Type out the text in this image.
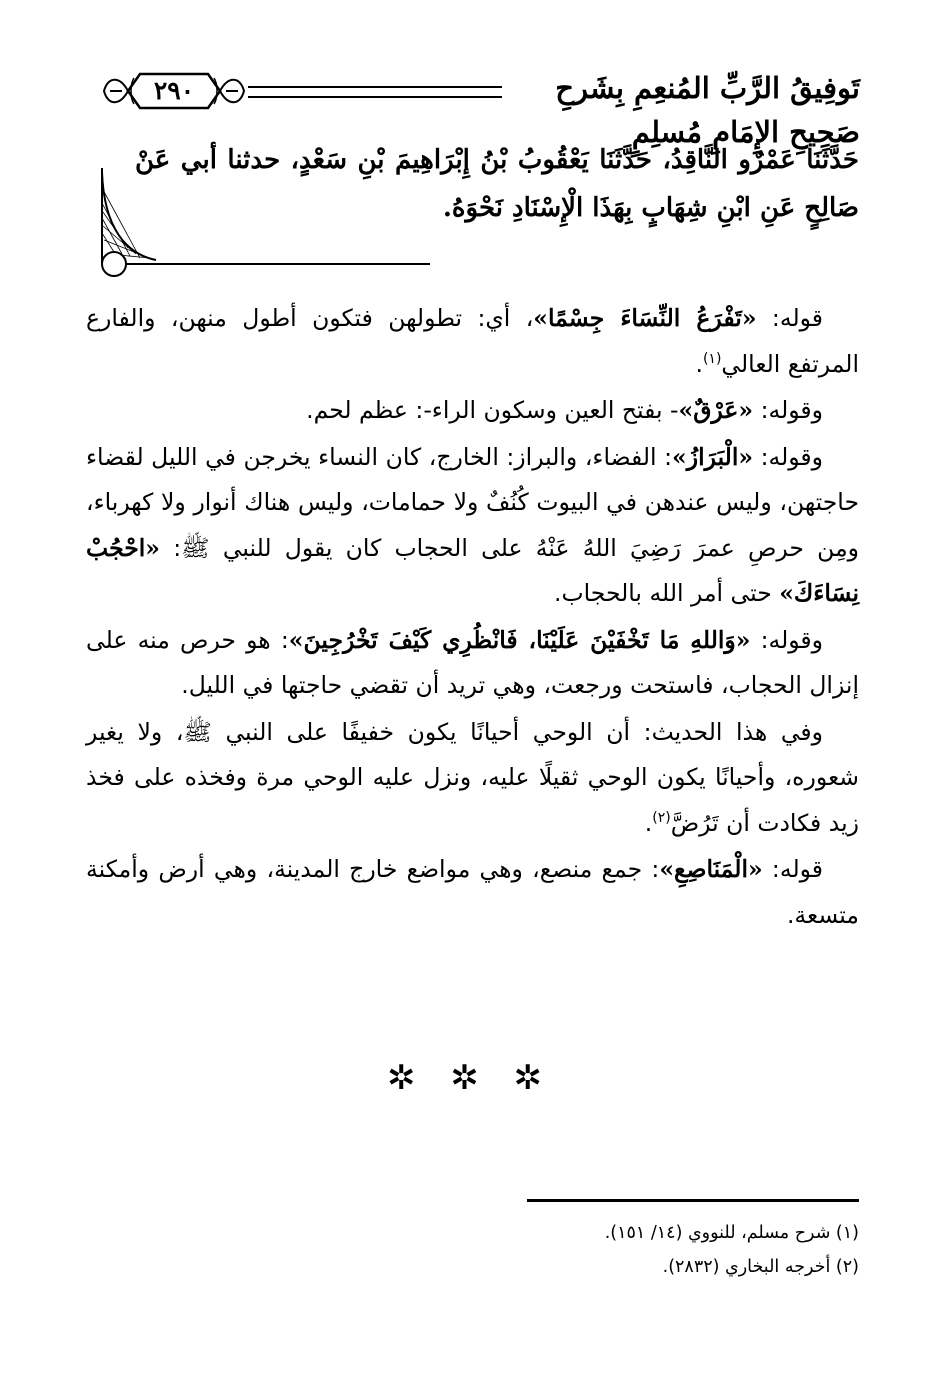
٢٩٠	تَوفِيقُ الرَّبِّ المُنعِمِ بِشَرحِ صَحِيحِ الإِمَامِ مُسلِمٍ
حَدَّثَنَا عَمْرٌو النَّاقِدُ، حَدَّثَنَا يَعْقُوبُ بْنُ إِبْرَاهِيمَ بْنِ سَعْدٍ، حدثنا أبي عَنْ صَالِحٍ عَنِ ابْنِ شِهَابٍ بِهَذَا الْإِسْنَادِ نَحْوَهُ.

قوله: «تَفْرَعُ النِّسَاءَ جِسْمًا»، أي: تطولهن فتكون أطول منهن، والفارع المرتفع العالي$^{(١)}$.

وقوله: «عَرْقٌ»- بفتح العين وسكون الراء-: عظم لحم.

وقوله: «الْبَرَازُ»: الفضاء، والبراز: الخارج، كان النساء يخرجن في الليل لقضاء حاجتهن، وليس عندهن في البيوت كُنُفٌ ولا حمامات، وليس هناك أنوار ولا كهرباء، ومِن حرصِ عمرَ رَضِيَ اللهُ عَنْهُ على الحجاب كان يقول للنبي ﷺ: «احْجُبْ نِسَاءَكَ» حتى أمر الله بالحجاب.

وقوله: «وَاللهِ مَا تَخْفَيْنَ عَلَيْنَا، فَانْظُرِي كَيْفَ تَخْرُجِينَ»: هو حرص منه على إنزال الحجاب، فاستحت ورجعت، وهي تريد أن تقضي حاجتها في الليل.

وفي هذا الحديث: أن الوحي أحيانًا يكون خفيفًا على النبي ﷺ، ولا يغير شعوره، وأحيانًا يكون الوحي ثقيلًا عليه، ونزل عليه الوحي مرة وفخذه على فخذ زيد فكادت أن تَرُضَّ$^{(٢)}$.

قوله: «الْمَنَاصِعِ»: جمع منصع، وهي مواضع خارج المدينة، وهي أرض وأمكنة متسعة.

✲ ✲ ✲
(١) شرح مسلم، للنووي (١٤/ ١٥١).
(٢) أخرجه البخاري (٢٨٣٢).
